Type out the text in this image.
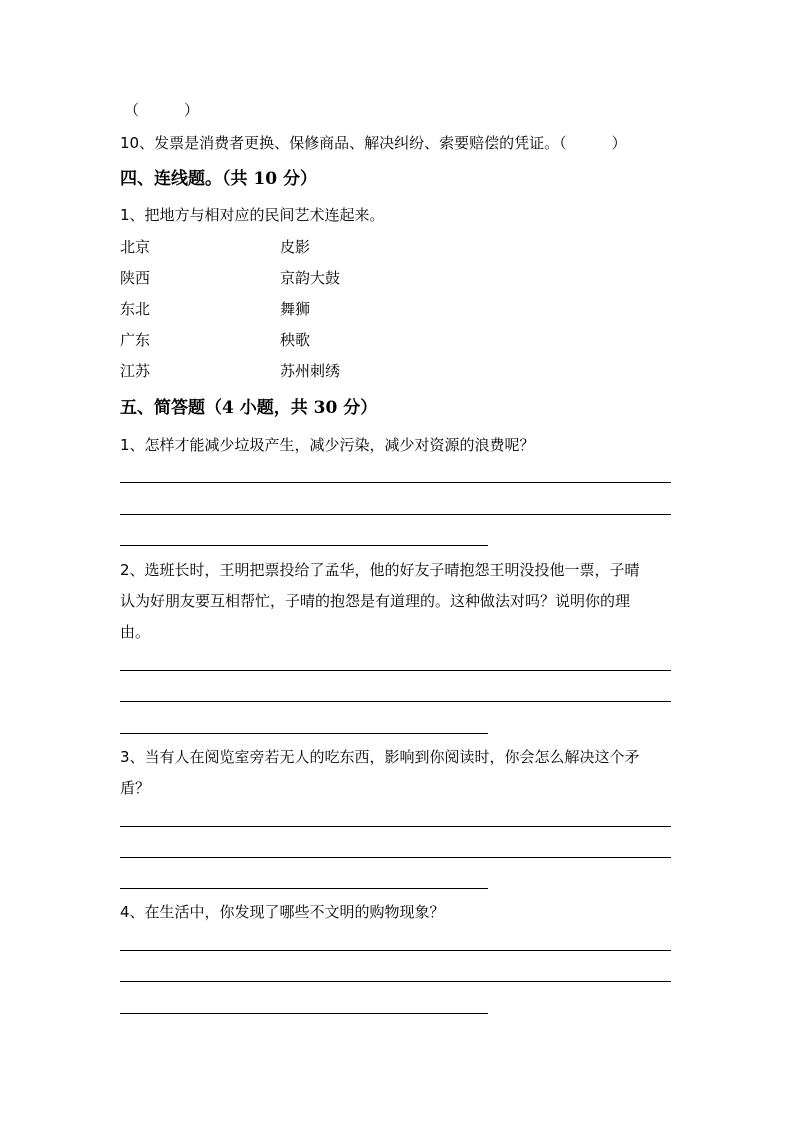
（　　　）
10、发票是消费者更换、保修商品、解决纠纷、索要赔偿的凭证。（　　　）
四、连线题。（共 10 分）
1、把地方与相对应的民间艺术连起来。
北京	皮影
陕西	京韵大鼓
东北	舞狮
广东	秧歌
江苏	苏州刺绣
五、简答题（4 小题，共 30 分）
1、怎样才能减少垃圾产生，减少污染，减少对资源的浪费呢？
2、选班长时，王明把票投给了孟华，他的好友子晴抱怨王明没投他一票，子晴
认为好朋友要互相帮忙，子晴的抱怨是有道理的。这种做法对吗？说明你的理
由。
3、当有人在阅览室旁若无人的吃东西，影响到你阅读时，你会怎么解决这个矛
盾？
4、在生活中，你发现了哪些不文明的购物现象？
